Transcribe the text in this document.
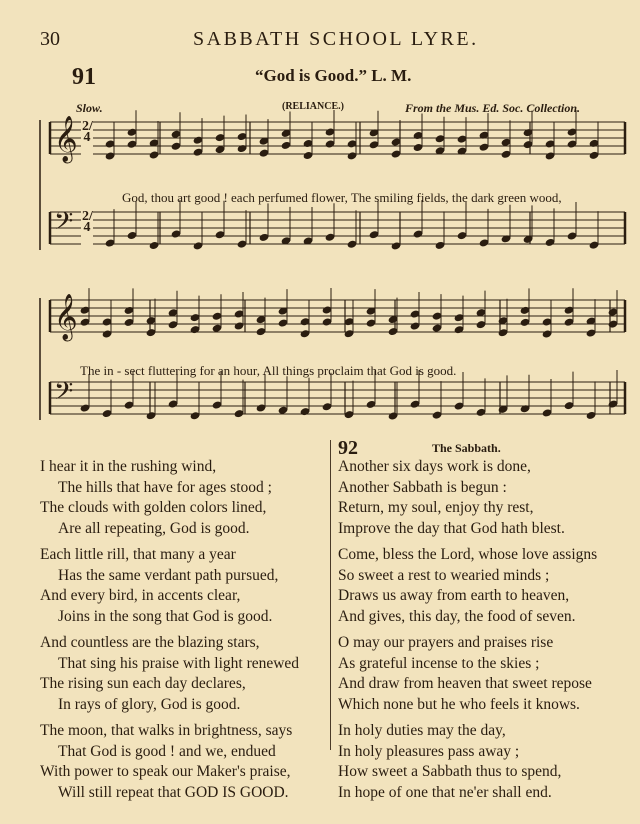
30	SABBATH SCHOOL LYRE.
91	“God is Good.” L. M.
Slow.	(RELIANCE.)	From the Mus. Ed. Soc. Collection.
𝄞
𝄢
𝄞
𝄢
2/4
2/4
God, thou art good ! each perfumed flower, The smiling fields, the dark green wood,
The in - sect fluttering for an hour, All things proclaim that God is good.
I hear it in the rushing wind,
The hills that have for ages stood ;
The clouds with golden colors lined,
Are all repeating, God is good.
Each little rill, that many a year
Has the same verdant path pursued,
And every bird, in accents clear,
Joins in the song that God is good.
And countless are the blazing stars,
That sing his praise with light renewed
The rising sun each day declares,
In rays of glory, God is good.
The moon, that walks in brightness, says
That God is good ! and we, endued
With power to speak our Maker's praise,
Will still repeat that GOD IS GOOD.
92	The Sabbath.
Another six days work is done,
Another Sabbath is begun :
Return, my soul, enjoy thy rest,
Improve the day that God hath blest.
Come, bless the Lord, whose love assigns
So sweet a rest to wearied minds ;
Draws us away from earth to heaven,
And gives, this day, the food of seven.
O may our prayers and praises rise
As grateful incense to the skies ;
And draw from heaven that sweet repose
Which none but he who feels it knows.
In holy duties may the day,
In holy pleasures pass away ;
How sweet a Sabbath thus to spend,
In hope of one that ne'er shall end.
